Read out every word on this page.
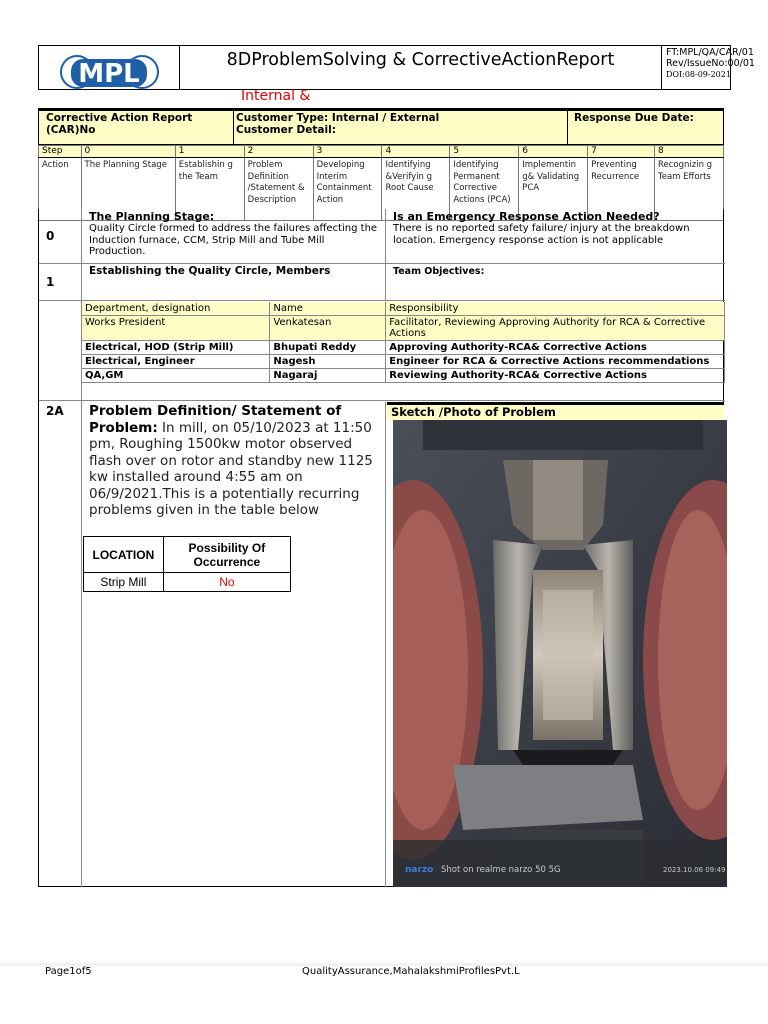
MPL	8DProblemSolving & CorrectiveActionReport	FT:MPL/QA/CAR/01
Rev/IssueNo:00/01
DOI:08-09-2021
Internal &
Corrective Action Report (CAR)No
Customer Type: Internal / External
Customer Detail:
Response Due Date:
Step	0	1	2	3	4	5	6	7	8
Action	The Planning Stage	Establishin g the Team	Problem Definition /Statement & Description	Developing Interim Containment Action	Identifying &Verifyin g Root Cause	Identifying Permanent Corrective Actions (PCA)	Implementin g& Validating PCA	Preventing Recurrence	Recognizin g Team Efforts
0
The Planning Stage:
Quality Circle formed to address the failures affecting the Induction furnace, CCM, Strip Mill and Tube Mill Production.
Is an Emergency Response Action Needed?
There is no reported safety failure/ injury at the breakdown location. Emergency response action is not applicable
1
Establishing the Quality Circle, Members	Team Objectives:
Department, designation	Name	Responsibility
Works President	Venkatesan	Facilitator, Reviewing Approving Authority for RCA & Corrective Actions
Electrical, HOD (Strip Mill)	Bhupati Reddy	Approving Authority-RCA& Corrective Actions
Electrical, Engineer	Nagesh	Engineer for RCA & Corrective Actions recommendations
QA,GM	Nagaraj	Reviewing Authority-RCA& Corrective Actions
2A Problem Definition/ Statement of Problem: In mill, on 05/10/2023 at 11:50 pm, Roughing 1500kw motor observed flash over on rotor and standby new 1125 kw installed around 4:55 am on 06/9/2021.This is a potentially recurring problems given in the table below
LOCATION	Possibility Of Occurrence
Strip Mill	No
Sketch /Photo of Problem
narzo Shot on realme narzo 50 5G	2023.10.06 09:49
Page1of5	QualityAssurance,MahalakshmiProfilesPvt.L
